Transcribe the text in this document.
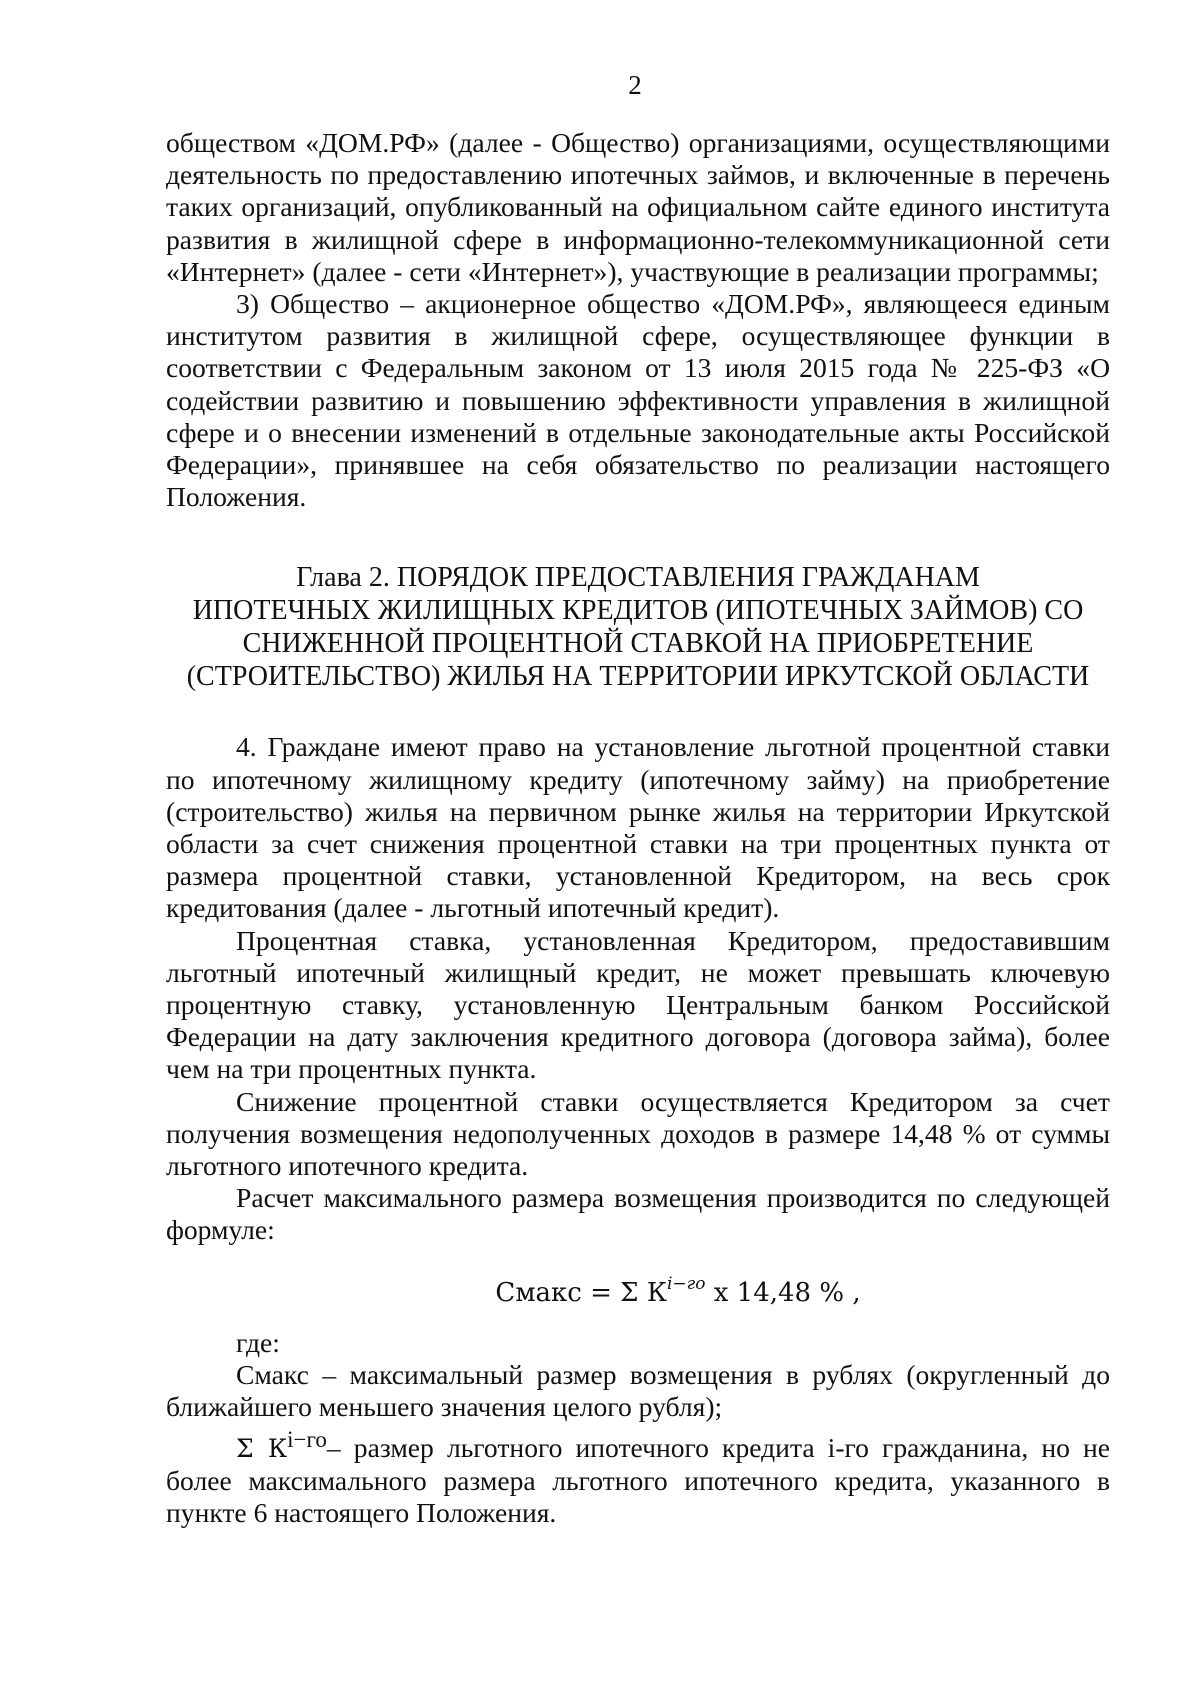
2

обществом «ДОМ.РФ» (далее - Общество) организациями, осуществляющими деятельность по предоставлению ипотечных займов, и включенные в перечень таких организаций, опубликованный на официальном сайте единого института развития в жилищной сфере в информационно-телекоммуникационной сети «Интернет» (далее - сети «Интернет»), участвующие в реализации программы;

3) Общество – акционерное общество «ДОМ.РФ», являющееся единым институтом развития в жилищной сфере, осуществляющее функции в соответствии с Федеральным законом от 13 июля 2015 года № 225-ФЗ «О содействии развитию и повышению эффективности управления в жилищной сфере и о внесении изменений в отдельные законодательные акты Российской Федерации», принявшее на себя обязательство по реализации настоящего Положения.

Глава 2. ПОРЯДОК ПРЕДОСТАВЛЕНИЯ ГРАЖДАНАМ
ИПОТЕЧНЫХ ЖИЛИЩНЫХ КРЕДИТОВ (ИПОТЕЧНЫХ ЗАЙМОВ) СО
СНИЖЕННОЙ ПРОЦЕНТНОЙ СТАВКОЙ НА ПРИОБРЕТЕНИЕ
(СТРОИТЕЛЬСТВО) ЖИЛЬЯ НА ТЕРРИТОРИИ ИРКУТСКОЙ ОБЛАСТИ

4. Граждане имеют право на установление льготной процентной ставки по ипотечному жилищному кредиту (ипотечному займу) на приобретение (строительство) жилья на первичном рынке жилья на территории Иркутской области за счет снижения процентной ставки на три процентных пункта от размера процентной ставки, установленной Кредитором, на весь срок кредитования (далее - льготный ипотечный кредит).

Процентная ставка, установленная Кредитором, предоставившим льготный ипотечный жилищный кредит, не может превышать ключевую процентную ставку, установленную Центральным банком Российской Федерации на дату заключения кредитного договора (договора займа), более чем на три процентных пункта.

Снижение процентной ставки осуществляется Кредитором за счет получения возмещения недополученных доходов в размере 14,48 % от суммы льготного ипотечного кредита.

Расчет максимального размера возмещения производится по следующей формуле:

Смакс = Σ $К^{i-го}$ x 14,48 % ,

где:

Смакс – максимальный размер возмещения в рублях (округленный до ближайшего меньшего значения целого рубля);

Σ $К^{i-го}-$ размер льготного ипотечного кредита i-го гражданина, но не более максимального размера льготного ипотечного кредита, указанного в пункте 6 настоящего Положения.
